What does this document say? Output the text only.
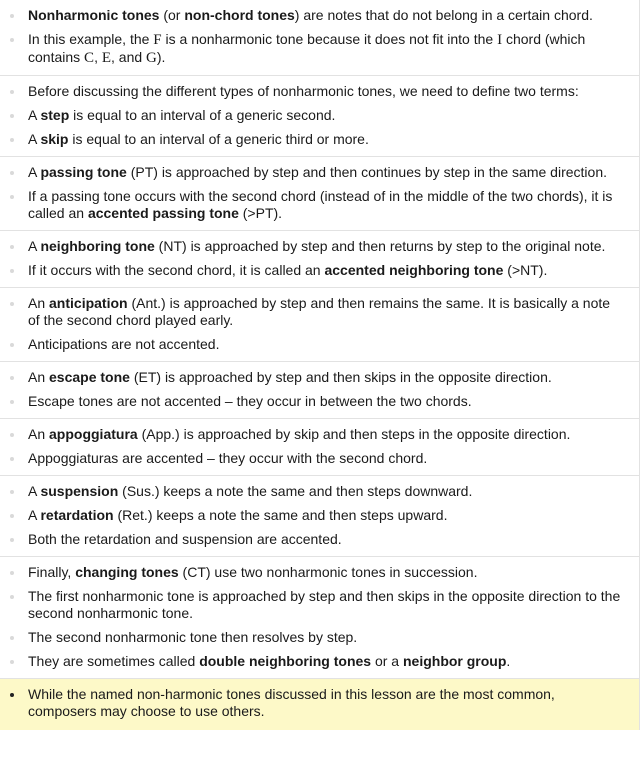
Nonharmonic tones (or non-chord tones) are notes that do not belong in a certain chord.
In this example, the F is a nonharmonic tone because it does not fit into the I chord (which contains C, E, and G).
Before discussing the different types of nonharmonic tones, we need to define two terms:
A step is equal to an interval of a generic second.
A skip is equal to an interval of a generic third or more.
A passing tone (PT) is approached by step and then continues by step in the same direction.
If a passing tone occurs with the second chord (instead of in the middle of the two chords), it is called an accented passing tone (>PT).
A neighboring tone (NT) is approached by step and then returns by step to the original note.
If it occurs with the second chord, it is called an accented neighboring tone (>NT).
An anticipation (Ant.) is approached by step and then remains the same. It is basically a note of the second chord played early.
Anticipations are not accented.
An escape tone (ET) is approached by step and then skips in the opposite direction.
Escape tones are not accented – they occur in between the two chords.
An appoggiatura (App.) is approached by skip and then steps in the opposite direction.
Appoggiaturas are accented – they occur with the second chord.
A suspension (Sus.) keeps a note the same and then steps downward.
A retardation (Ret.) keeps a note the same and then steps upward.
Both the retardation and suspension are accented.
Finally, changing tones (CT) use two nonharmonic tones in succession.
The first nonharmonic tone is approached by step and then skips in the opposite direction to the second nonharmonic tone.
The second nonharmonic tone then resolves by step.
They are sometimes called double neighboring tones or a neighbor group.
While the named non-harmonic tones discussed in this lesson are the most common, composers may choose to use others.
